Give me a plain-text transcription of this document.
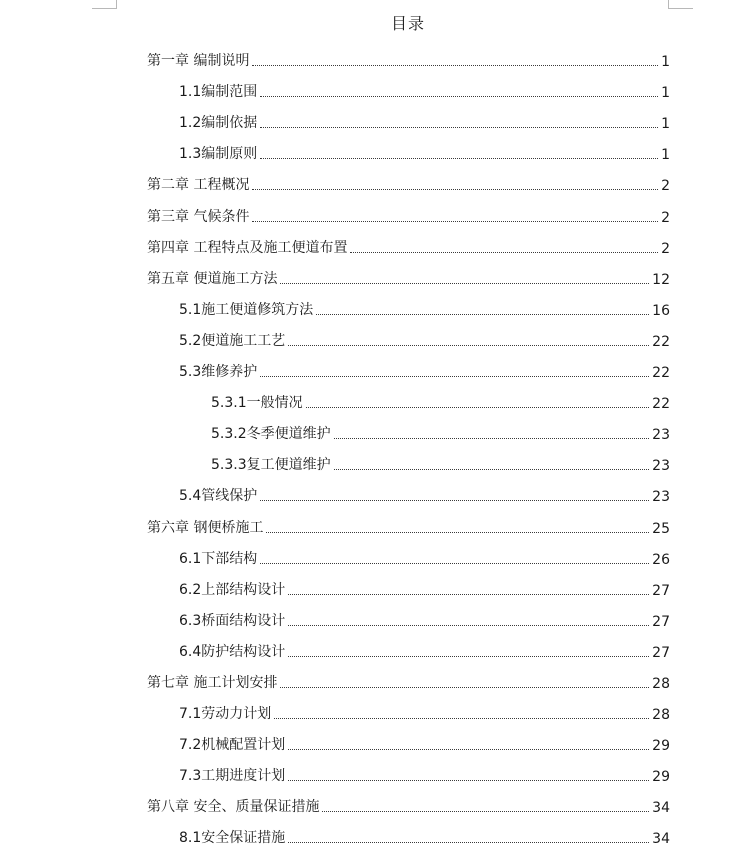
目录
第一章 编制说明	1
1.1编制范围	1
1.2编制依据	1
1.3编制原则	1
第二章 工程概况	2
第三章 气候条件	2
第四章 工程特点及施工便道布置	2
第五章 便道施工方法	12
5.1施工便道修筑方法	16
5.2便道施工工艺	22
5.3维修养护	22
5.3.1一般情况	22
5.3.2冬季便道维护	23
5.3.3复工便道维护	23
5.4管线保护	23
第六章 钢便桥施工	25
6.1下部结构	26
6.2上部结构设计	27
6.3桥面结构设计	27
6.4防护结构设计	27
第七章 施工计划安排	28
7.1劳动力计划	28
7.2机械配置计划	29
7.3工期进度计划	29
第八章 安全、质量保证措施	34
8.1安全保证措施	34
